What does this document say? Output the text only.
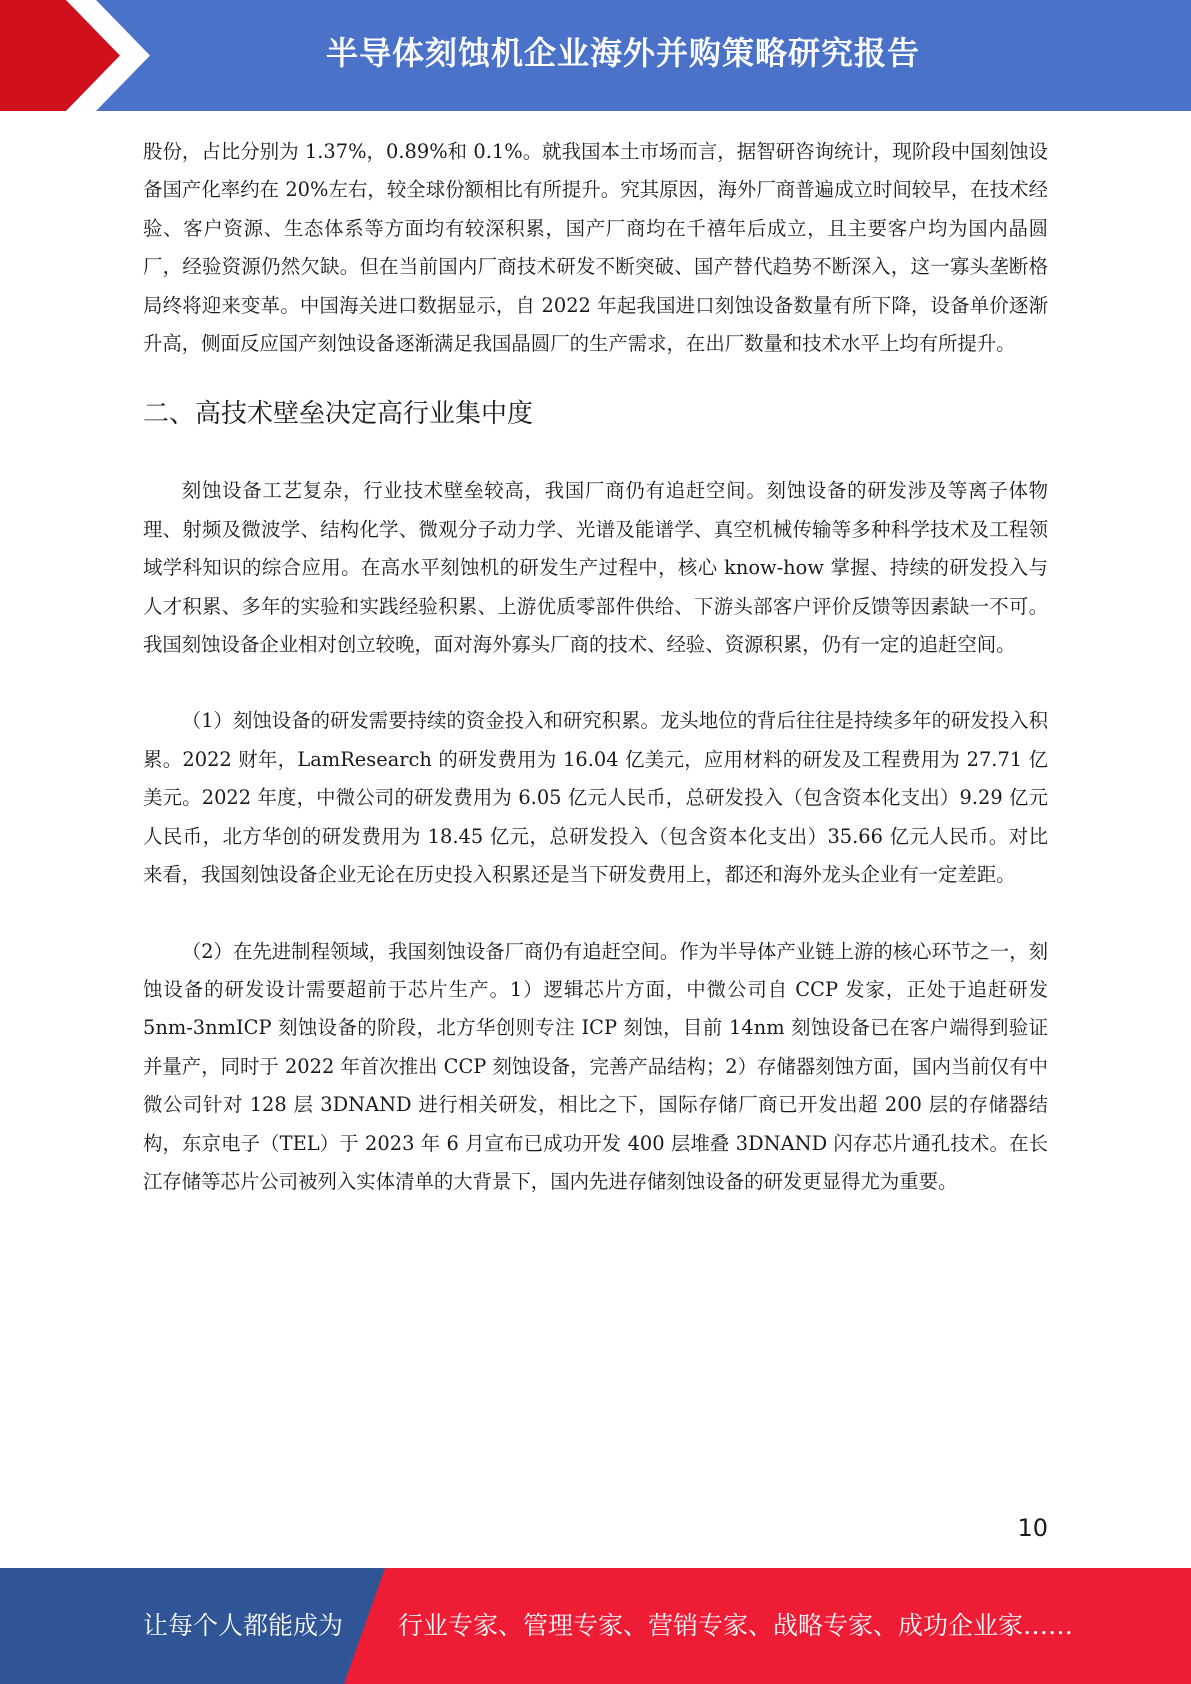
半导体刻蚀机企业海外并购策略研究报告

股份，占比分别为 1.37%，0.89%和 0.1%。就我国本土市场而言，据智研咨询统计，现阶段中国刻蚀设备国产化率约在 20%左右，较全球份额相比有所提升。究其原因，海外厂商普遍成立时间较早，在技术经验、客户资源、生态体系等方面均有较深积累，国产厂商均在千禧年后成立，且主要客户均为国内晶圆厂，经验资源仍然欠缺。但在当前国内厂商技术研发不断突破、国产替代趋势不断深入，这一寡头垄断格局终将迎来变革。中国海关进口数据显示，自 2022 年起我国进口刻蚀设备数量有所下降，设备单价逐渐升高，侧面反应国产刻蚀设备逐渐满足我国晶圆厂的生产需求，在出厂数量和技术水平上均有所提升。

二、高技术壁垒决定高行业集中度

刻蚀设备工艺复杂，行业技术壁垒较高，我国厂商仍有追赶空间。刻蚀设备的研发涉及等离子体物理、射频及微波学、结构化学、微观分子动力学、光谱及能谱学、真空机械传输等多种科学技术及工程领域学科知识的综合应用。在高水平刻蚀机的研发生产过程中，核心 know-how 掌握、持续的研发投入与人才积累、多年的实验和实践经验积累、上游优质零部件供给、下游头部客户评价反馈等因素缺一不可。我国刻蚀设备企业相对创立较晚，面对海外寡头厂商的技术、经验、资源积累，仍有一定的追赶空间。

（1）刻蚀设备的研发需要持续的资金投入和研究积累。龙头地位的背后往往是持续多年的研发投入积累。2022 财年，LamResearch 的研发费用为 16.04 亿美元，应用材料的研发及工程费用为 27.71 亿美元。2022 年度，中微公司的研发费用为 6.05 亿元人民币，总研发投入（包含资本化支出）9.29 亿元人民币，北方华创的研发费用为 18.45 亿元，总研发投入（包含资本化支出）35.66 亿元人民币。对比来看，我国刻蚀设备企业无论在历史投入积累还是当下研发费用上，都还和海外龙头企业有一定差距。

（2）在先进制程领域，我国刻蚀设备厂商仍有追赶空间。作为半导体产业链上游的核心环节之一，刻蚀设备的研发设计需要超前于芯片生产。1）逻辑芯片方面，中微公司自 CCP 发家，正处于追赶研发 5nm-3nmICP 刻蚀设备的阶段，北方华创则专注 ICP 刻蚀，目前 14nm 刻蚀设备已在客户端得到验证并量产，同时于 2022 年首次推出 CCP 刻蚀设备，完善产品结构；2）存储器刻蚀方面，国内当前仅有中微公司针对 128 层 3DNAND 进行相关研发，相比之下，国际存储厂商已开发出超 200 层的存储器结构，东京电子（TEL）于 2023 年 6 月宣布已成功开发 400 层堆叠 3DNAND 闪存芯片通孔技术。在长江存储等芯片公司被列入实体清单的大背景下，国内先进存储刻蚀设备的研发更显得尤为重要。

10
让每个人都能成为 行业专家、管理专家、营销专家、战略专家、成功企业家……
